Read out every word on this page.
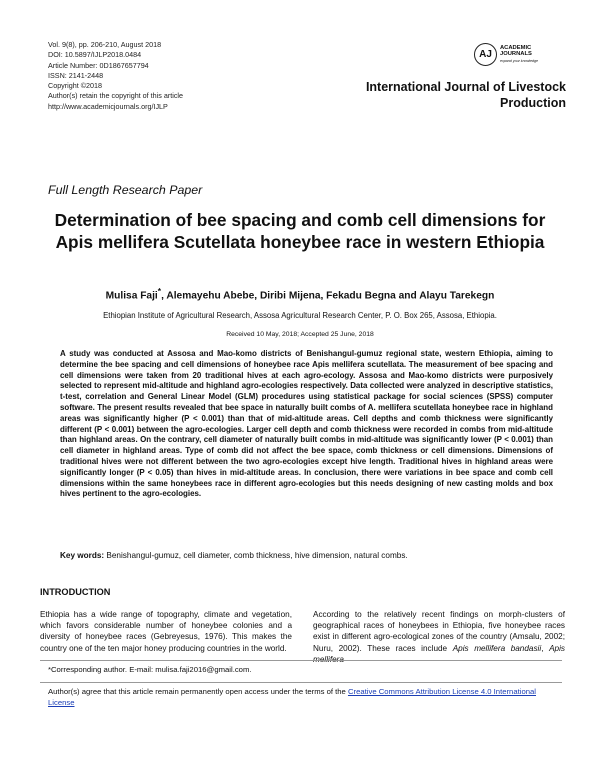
Vol. 9(8), pp. 206-210, August 2018
DOI: 10.5897/IJLP2018.0484
Article Number: 0D1867657794
ISSN: 2141-2448
Copyright ©2018
Author(s) retain the copyright of this article
http://www.academicjournals.org/IJLP
AJ
ACADEMIC
JOURNALS
expand your knowledge
International Journal of Livestock
Production
Full Length Research Paper
Determination of bee spacing and comb cell dimensions for Apis mellifera Scutellata honeybee race in western Ethiopia
Mulisa Faji*, Alemayehu Abebe, Diribi Mijena, Fekadu Begna and Alayu Tarekegn
Ethiopian Institute of Agricultural Research, Assosa Agricultural Research Center, P. O. Box 265, Assosa, Ethiopia.
Received 10 May, 2018; Accepted 25 June, 2018
A study was conducted at Assosa and Mao-komo districts of Benishangul-gumuz regional state, western Ethiopia, aiming to determine the bee spacing and cell dimensions of honeybee race Apis mellifera scutellata. The measurement of bee spacing and cell dimensions were taken from 20 traditional hives at each agro-ecology. Assosa and Mao-komo districts were purposively selected to represent mid-altitude and highland agro-ecologies respectively. Data collected were analyzed in descriptive statistics, t-test, correlation and General Linear Model (GLM) procedures using statistical package for social sciences (SPSS) computer software. The present results revealed that bee space in naturally built combs of A. mellifera scutellata honeybee race in highland areas was significantly higher (P < 0.001) than that of mid-altitude areas. Cell depths and comb thickness were significantly different (P < 0.001) between the agro-ecologies. Larger cell depth and comb thickness were recorded in combs from mid-altitude than highland areas. On the contrary, cell diameter of naturally built combs in mid-altitude was significantly lower (P < 0.001) than cell diameter in highland areas. Type of comb did not affect the bee space, comb thickness or cell dimensions. Dimensions of traditional hives were not different between the two agro-ecologies except hive length. Traditional hives in highland areas were significantly longer (P < 0.05) than hives in mid-altitude areas. In conclusion, there were variations in bee space and comb cell dimensions within the same honeybees race in different agro-ecologies but this needs designing of new casting molds and box hives pertinent to the agro-ecologies.
Key words: Benishangul-gumuz, cell diameter, comb thickness, hive dimension, natural combs.
INTRODUCTION
Ethiopia has a wide range of topography, climate and vegetation, which favors considerable number of honeybee colonies and a diversity of honeybee races (Gebreyesus, 1976). This makes the country one of the ten major honey producing countries in the world.
According to the relatively recent findings on morph-clusters of geographical races of honeybees in Ethiopia, five honeybee races exist in different agro-ecological zones of the country (Amsalu, 2002; Nuru, 2002). These races include Apis mellifera bandasii, Apis mellifera
*Corresponding author. E-mail: mulisa.faji2016@gmail.com.
Author(s) agree that this article remain permanently open access under the terms of the Creative Commons Attribution License 4.0 International License
